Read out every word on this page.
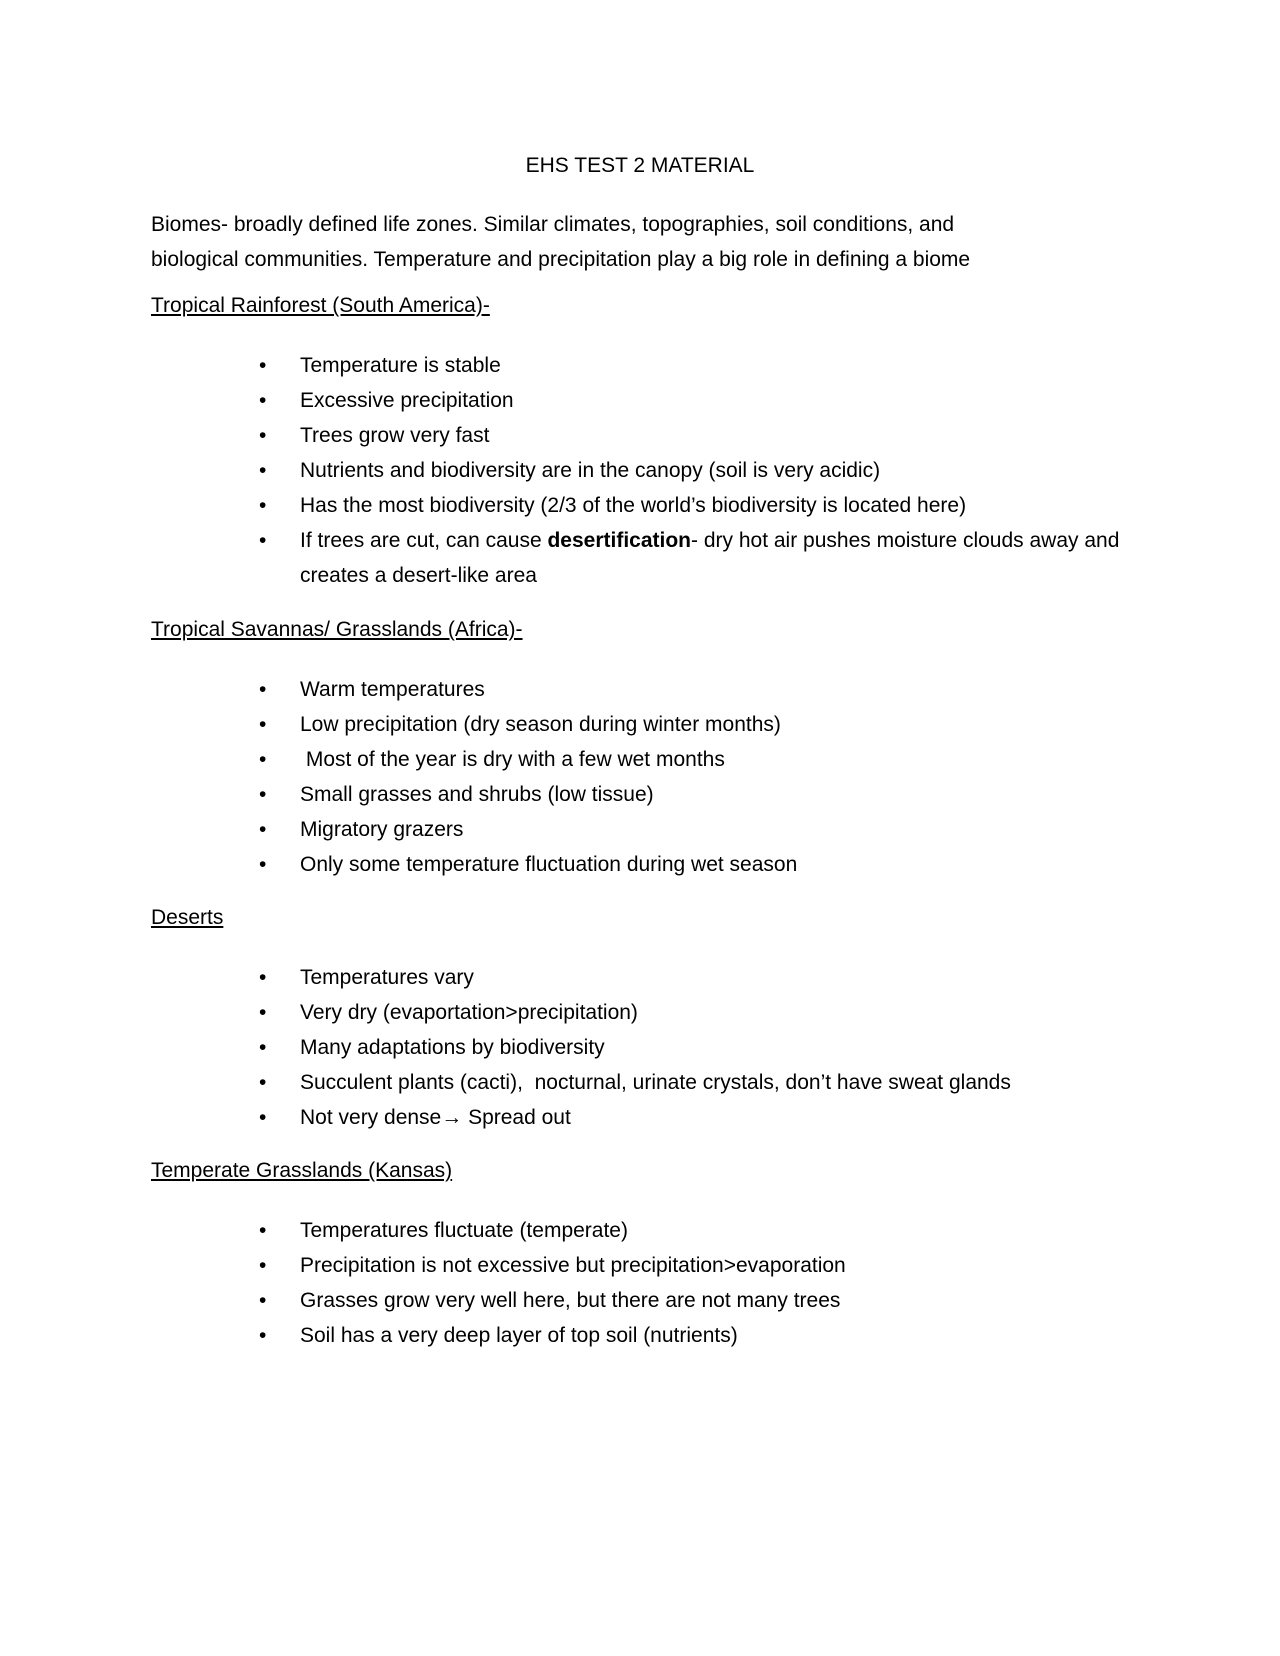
EHS TEST 2 MATERIAL

Biomes- broadly defined life zones. Similar climates, topographies, soil conditions, and
biological communities. Temperature and precipitation play a big role in defining a biome

Tropical Rainforest (South America)-

• Temperature is stable
• Excessive precipitation
• Trees grow very fast
• Nutrients and biodiversity are in the canopy (soil is very acidic)
• Has the most biodiversity (2/3 of the world’s biodiversity is located here)
• If trees are cut, can cause desertification- dry hot air pushes moisture clouds away and creates a desert-like area

Tropical Savannas/ Grasslands (Africa)-

• Warm temperatures
• Low precipitation (dry season during winter months)
• Most of the year is dry with a few wet months
• Small grasses and shrubs (low tissue)
• Migratory grazers
• Only some temperature fluctuation during wet season

Deserts

• Temperatures vary
• Very dry (evaportation>precipitation)
• Many adaptations by biodiversity
• Succulent plants (cacti),  nocturnal, urinate crystals, don’t have sweat glands
• Not very dense→ Spread out

Temperate Grasslands (Kansas)

• Temperatures fluctuate (temperate)
• Precipitation is not excessive but precipitation>evaporation
• Grasses grow very well here, but there are not many trees
• Soil has a very deep layer of top soil (nutrients)
